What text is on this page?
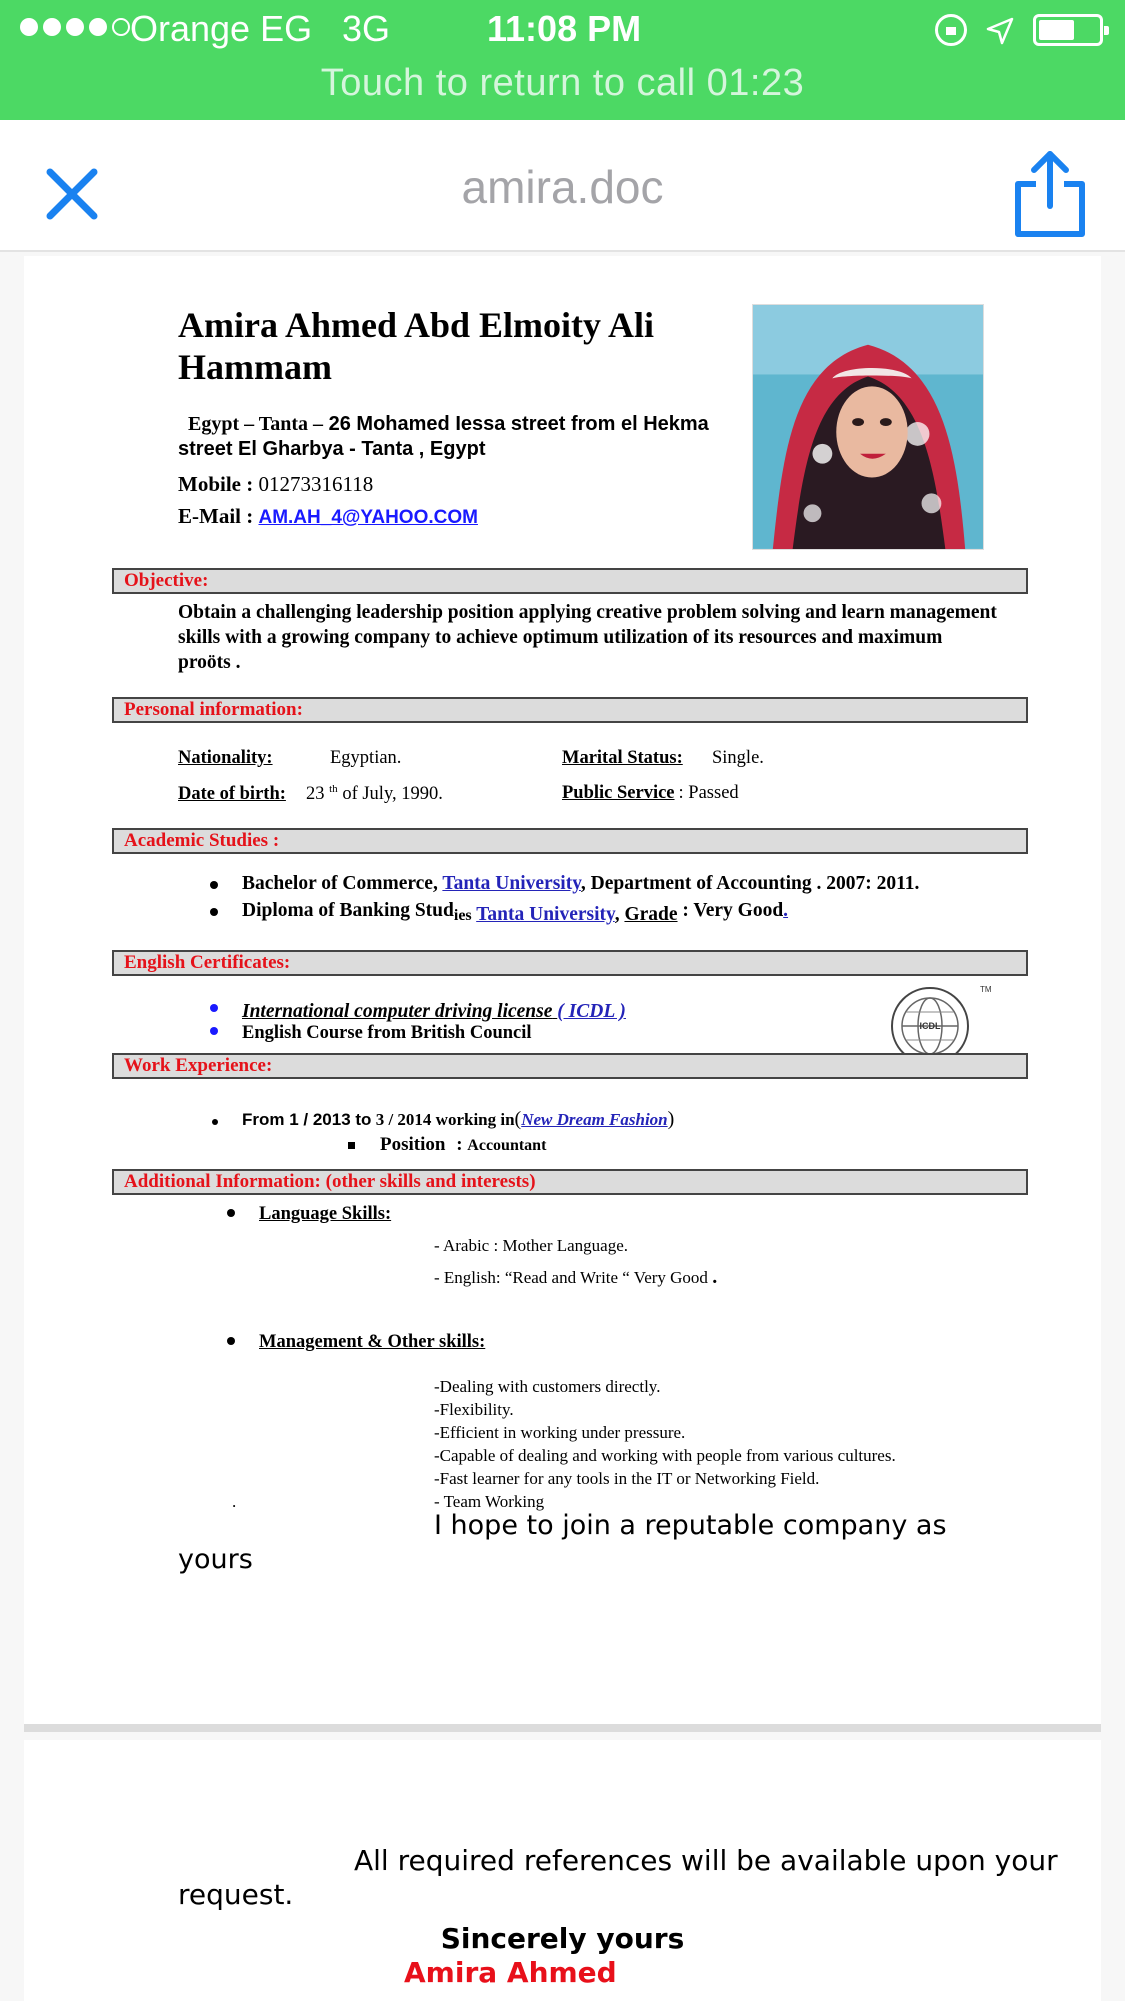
Orange EG 3G	11:08 PM
Touch to return to call 01:23
amira.doc
Amira Ahmed Abd Elmoity Ali Hammam
Egypt – Tanta – 26 Mohamed Iessa street from el Hekma street El Gharbya - Tanta , Egypt
Mobile : 01273316118
E-Mail : AM.AH_4@YAHOO.COM
Objective:
Obtain a challenging leadership position applying creative problem solving and learn management skills with a growing company to achieve optimum utilization of its resources and maximum proöts .
Personal information:
Nationality:	Egyptian.	Marital Status: Single.
Date of birth: 23 $^{th}$ of July, 1990.	Public Service : Passed
Academic Studies :
Bachelor of Commerce, Tanta University, Department of Accounting . 2007: 2011.
Diploma of Banking Stud$_{ies}$ Tanta University, Grade : Very Good.
English Certificates:
International computer driving license ( ICDL )
English Course from British Council	ICDL
TM
Work Experience:
From 1 / 2013 to 3 / 2014 working in(New Dream Fashion)
Position : Accountant
Additional Information: (other skills and interests)
Language Skills:
- Arabic : Mother Language.
- English: “Read and Write “ Very Good .
Management & Other skills:
-Dealing with customers directly.
-Flexibility.
-Efficient in working under pressure.
-Capable of dealing and working with people from various cultures.
-Fast learner for any tools in the IT or Networking Field.
.	- Team Working
I hope to join a reputable company as
yours
All required references will be available upon your request.
Sincerely yours
Amira Ahmed
